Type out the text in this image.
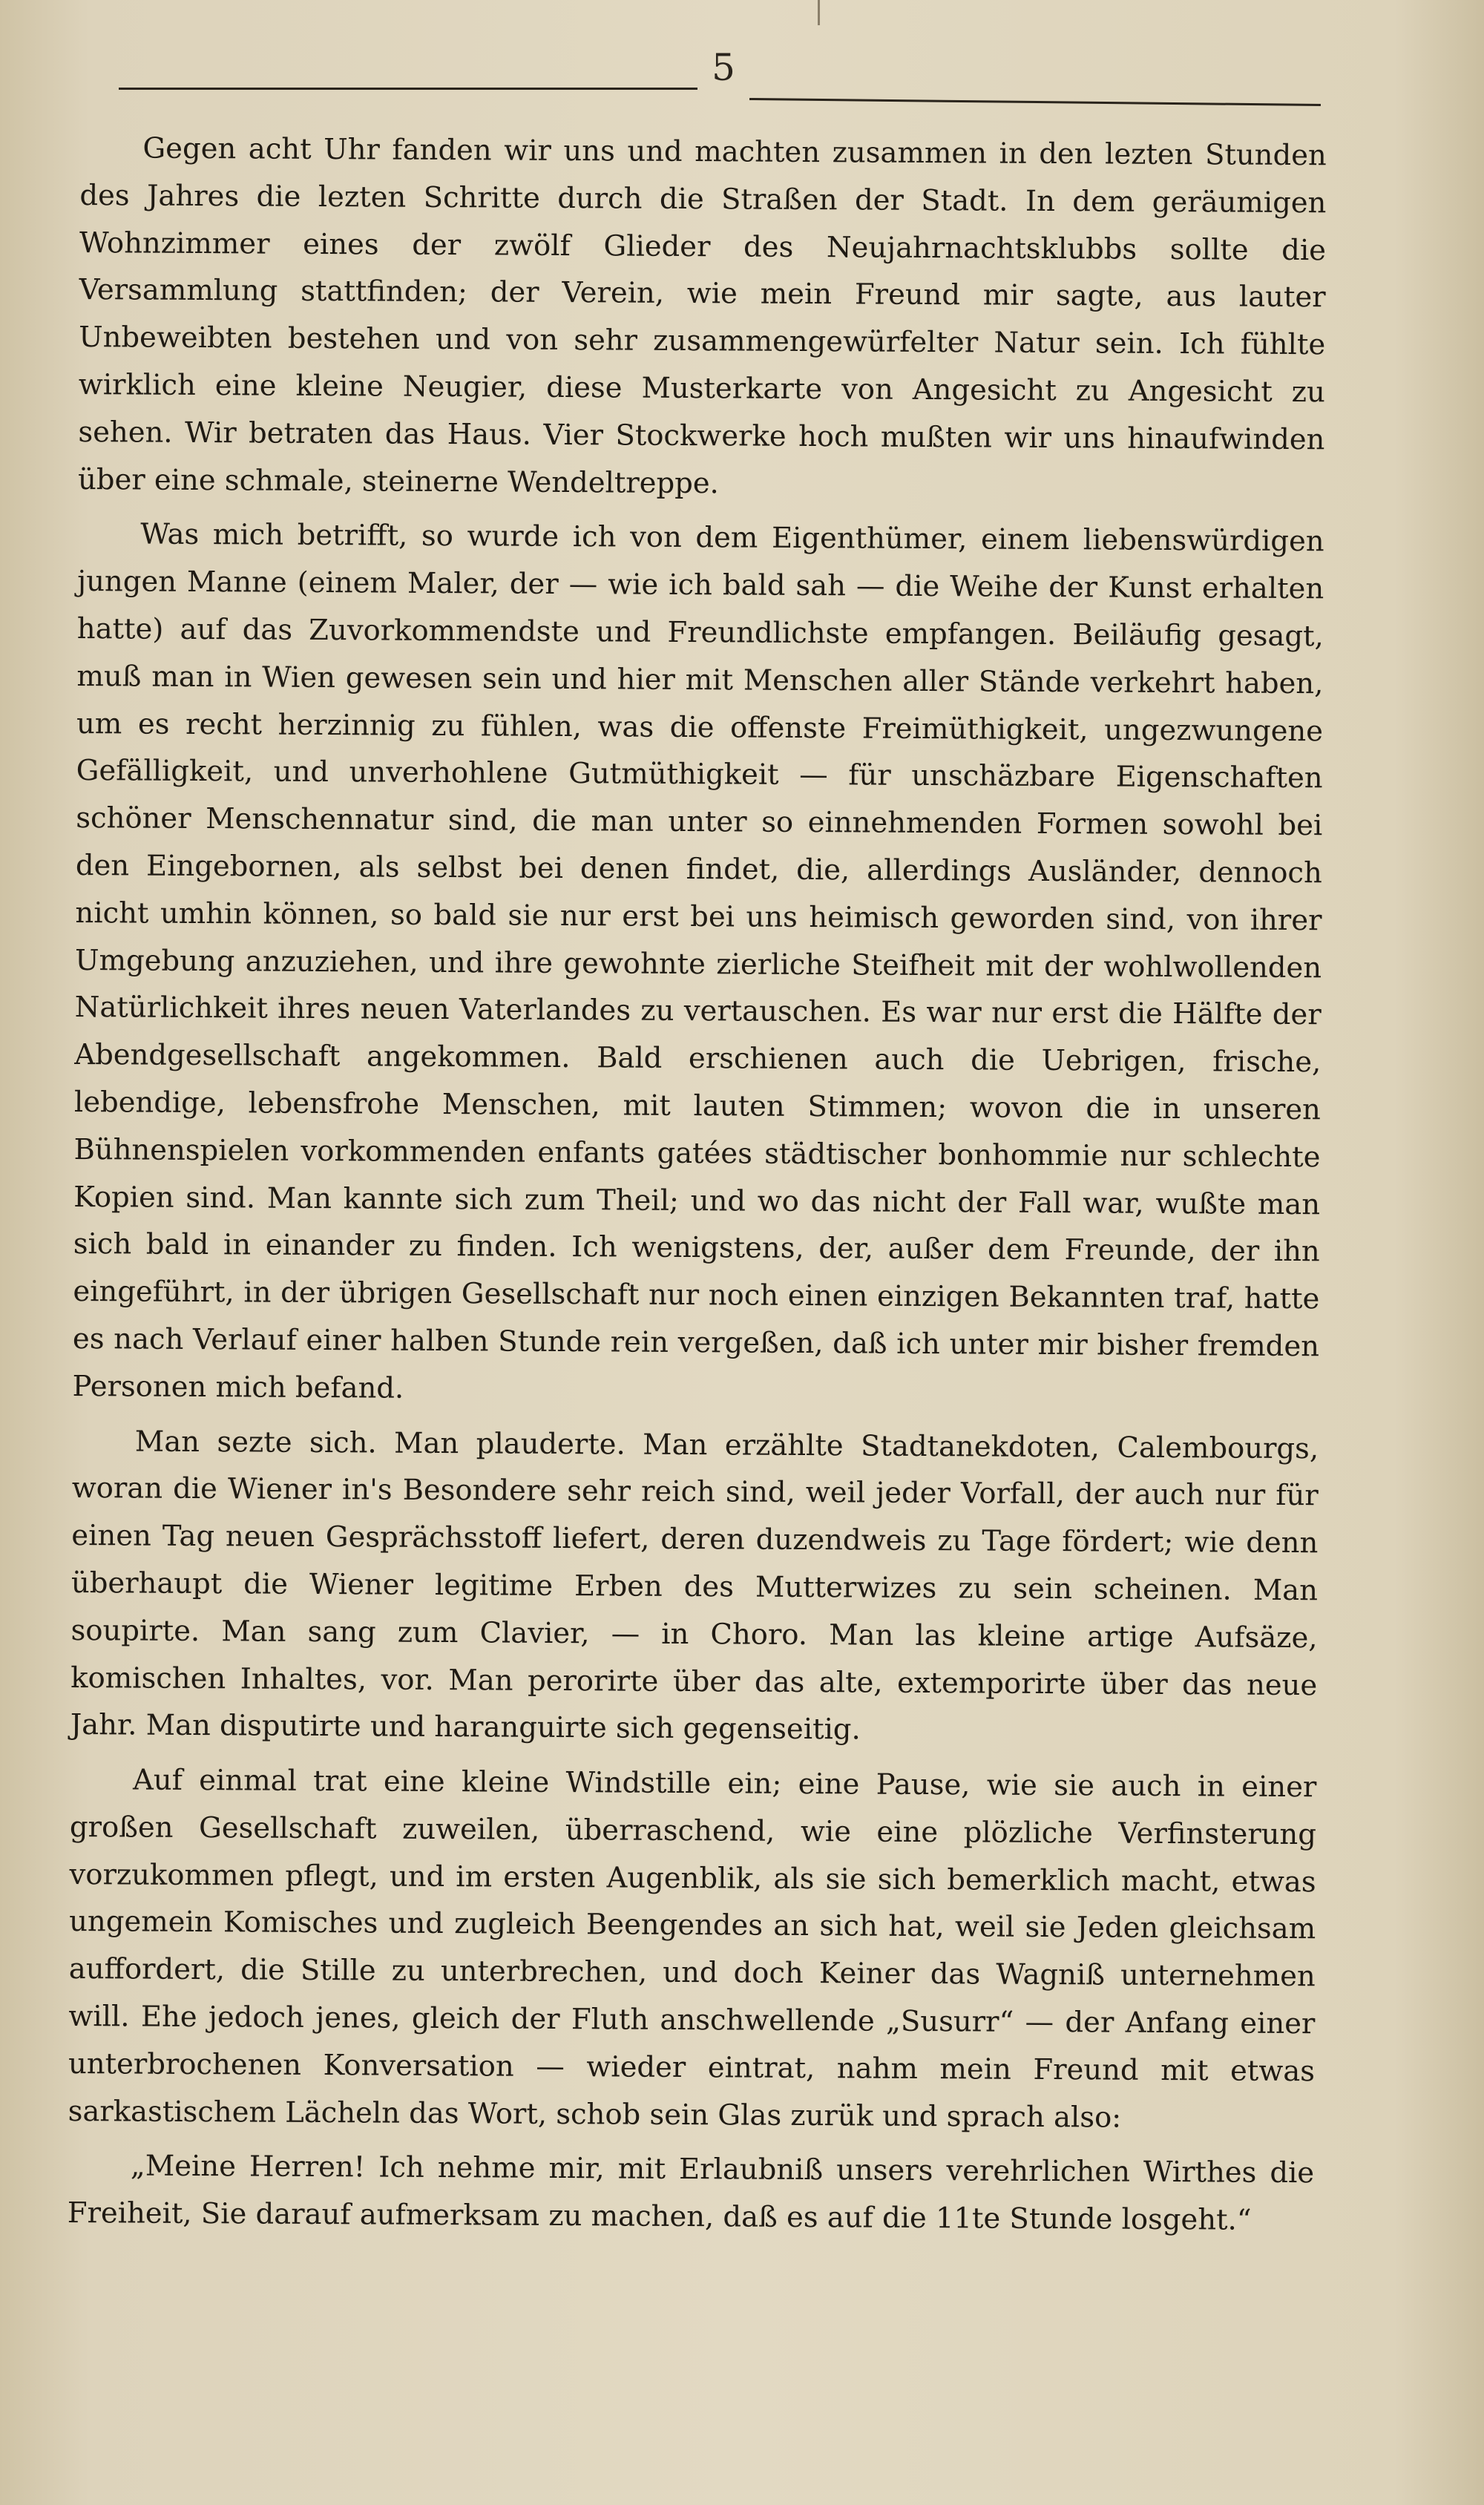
5

Gegen acht Uhr fanden wir uns und machten zusammen in den lezten Stunden des Jahres die lezten Schritte durch die Straßen der Stadt. In dem geräumigen Wohnzimmer eines der zwölf Glieder des Neujahrnachtsklubbs sollte die Versammlung stattfinden; der Verein, wie mein Freund mir sagte, aus lauter Unbeweibten bestehen und von sehr zusammengewürfelter Natur sein. Ich fühlte wirklich eine kleine Neugier, diese Musterkarte von Angesicht zu Angesicht zu sehen. Wir betraten das Haus. Vier Stockwerke hoch mußten wir uns hinaufwinden über eine schmale, steinerne Wendeltreppe.

Was mich betrifft, so wurde ich von dem Eigenthümer, einem liebenswürdigen jungen Manne (einem Maler, der — wie ich bald sah — die Weihe der Kunst erhalten hatte) auf das Zuvorkommendste und Freundlichste empfangen. Beiläufig gesagt, muß man in Wien gewesen sein und hier mit Menschen aller Stände verkehrt haben, um es recht herzinnig zu fühlen, was die offenste Freimüthigkeit, ungezwungene Gefälligkeit, und unverhohlene Gutmüthigkeit — für unschäzbare Eigenschaften schöner Menschennatur sind, die man unter so einnehmenden Formen sowohl bei den Eingebornen, als selbst bei denen findet, die, allerdings Ausländer, dennoch nicht umhin können, so bald sie nur erst bei uns heimisch geworden sind, von ihrer Umgebung anzuziehen, und ihre gewohnte zierliche Steifheit mit der wohlwollenden Natürlichkeit ihres neuen Vaterlandes zu vertauschen. Es war nur erst die Hälfte der Abendgesellschaft angekommen. Bald erschienen auch die Uebrigen, frische, lebendige, lebensfrohe Menschen, mit lauten Stimmen; wovon die in unseren Bühnenspielen vorkommenden enfants gatées städtischer bonhommie nur schlechte Kopien sind. Man kannte sich zum Theil; und wo das nicht der Fall war, wußte man sich bald in einander zu finden. Ich wenigstens, der, außer dem Freunde, der ihn eingeführt, in der übrigen Gesellschaft nur noch einen einzigen Bekannten traf, hatte es nach Verlauf einer halben Stunde rein vergeßen, daß ich unter mir bisher fremden Personen mich befand.

Man sezte sich. Man plauderte. Man erzählte Stadtanekdoten, Calembourgs, woran die Wiener in's Besondere sehr reich sind, weil jeder Vorfall, der auch nur für einen Tag neuen Gesprächsstoff liefert, deren duzendweis zu Tage fördert; wie denn überhaupt die Wiener legitime Erben des Mutterwizes zu sein scheinen. Man soupirte. Man sang zum Clavier, — in Choro. Man las kleine artige Aufsäze, komischen Inhaltes, vor. Man perorirte über das alte, extemporirte über das neue Jahr. Man disputirte und haranguirte sich gegenseitig.

Auf einmal trat eine kleine Windstille ein; eine Pause, wie sie auch in einer großen Gesellschaft zuweilen, überraschend, wie eine plözliche Verfinsterung vorzukommen pflegt, und im ersten Augenblik, als sie sich bemerklich macht, etwas ungemein Komisches und zugleich Beengendes an sich hat, weil sie Jeden gleichsam auffordert, die Stille zu unterbrechen, und doch Keiner das Wagniß unternehmen will. Ehe jedoch jenes, gleich der Fluth anschwellende „Susurr“ — der Anfang einer unterbrochenen Konversation — wieder eintrat, nahm mein Freund mit etwas sarkastischem Lächeln das Wort, schob sein Glas zurük und sprach also:

„Meine Herren! Ich nehme mir, mit Erlaubniß unsers verehrlichen Wirthes die Freiheit, Sie darauf aufmerksam zu machen, daß es auf die 11te Stunde losgeht.“
